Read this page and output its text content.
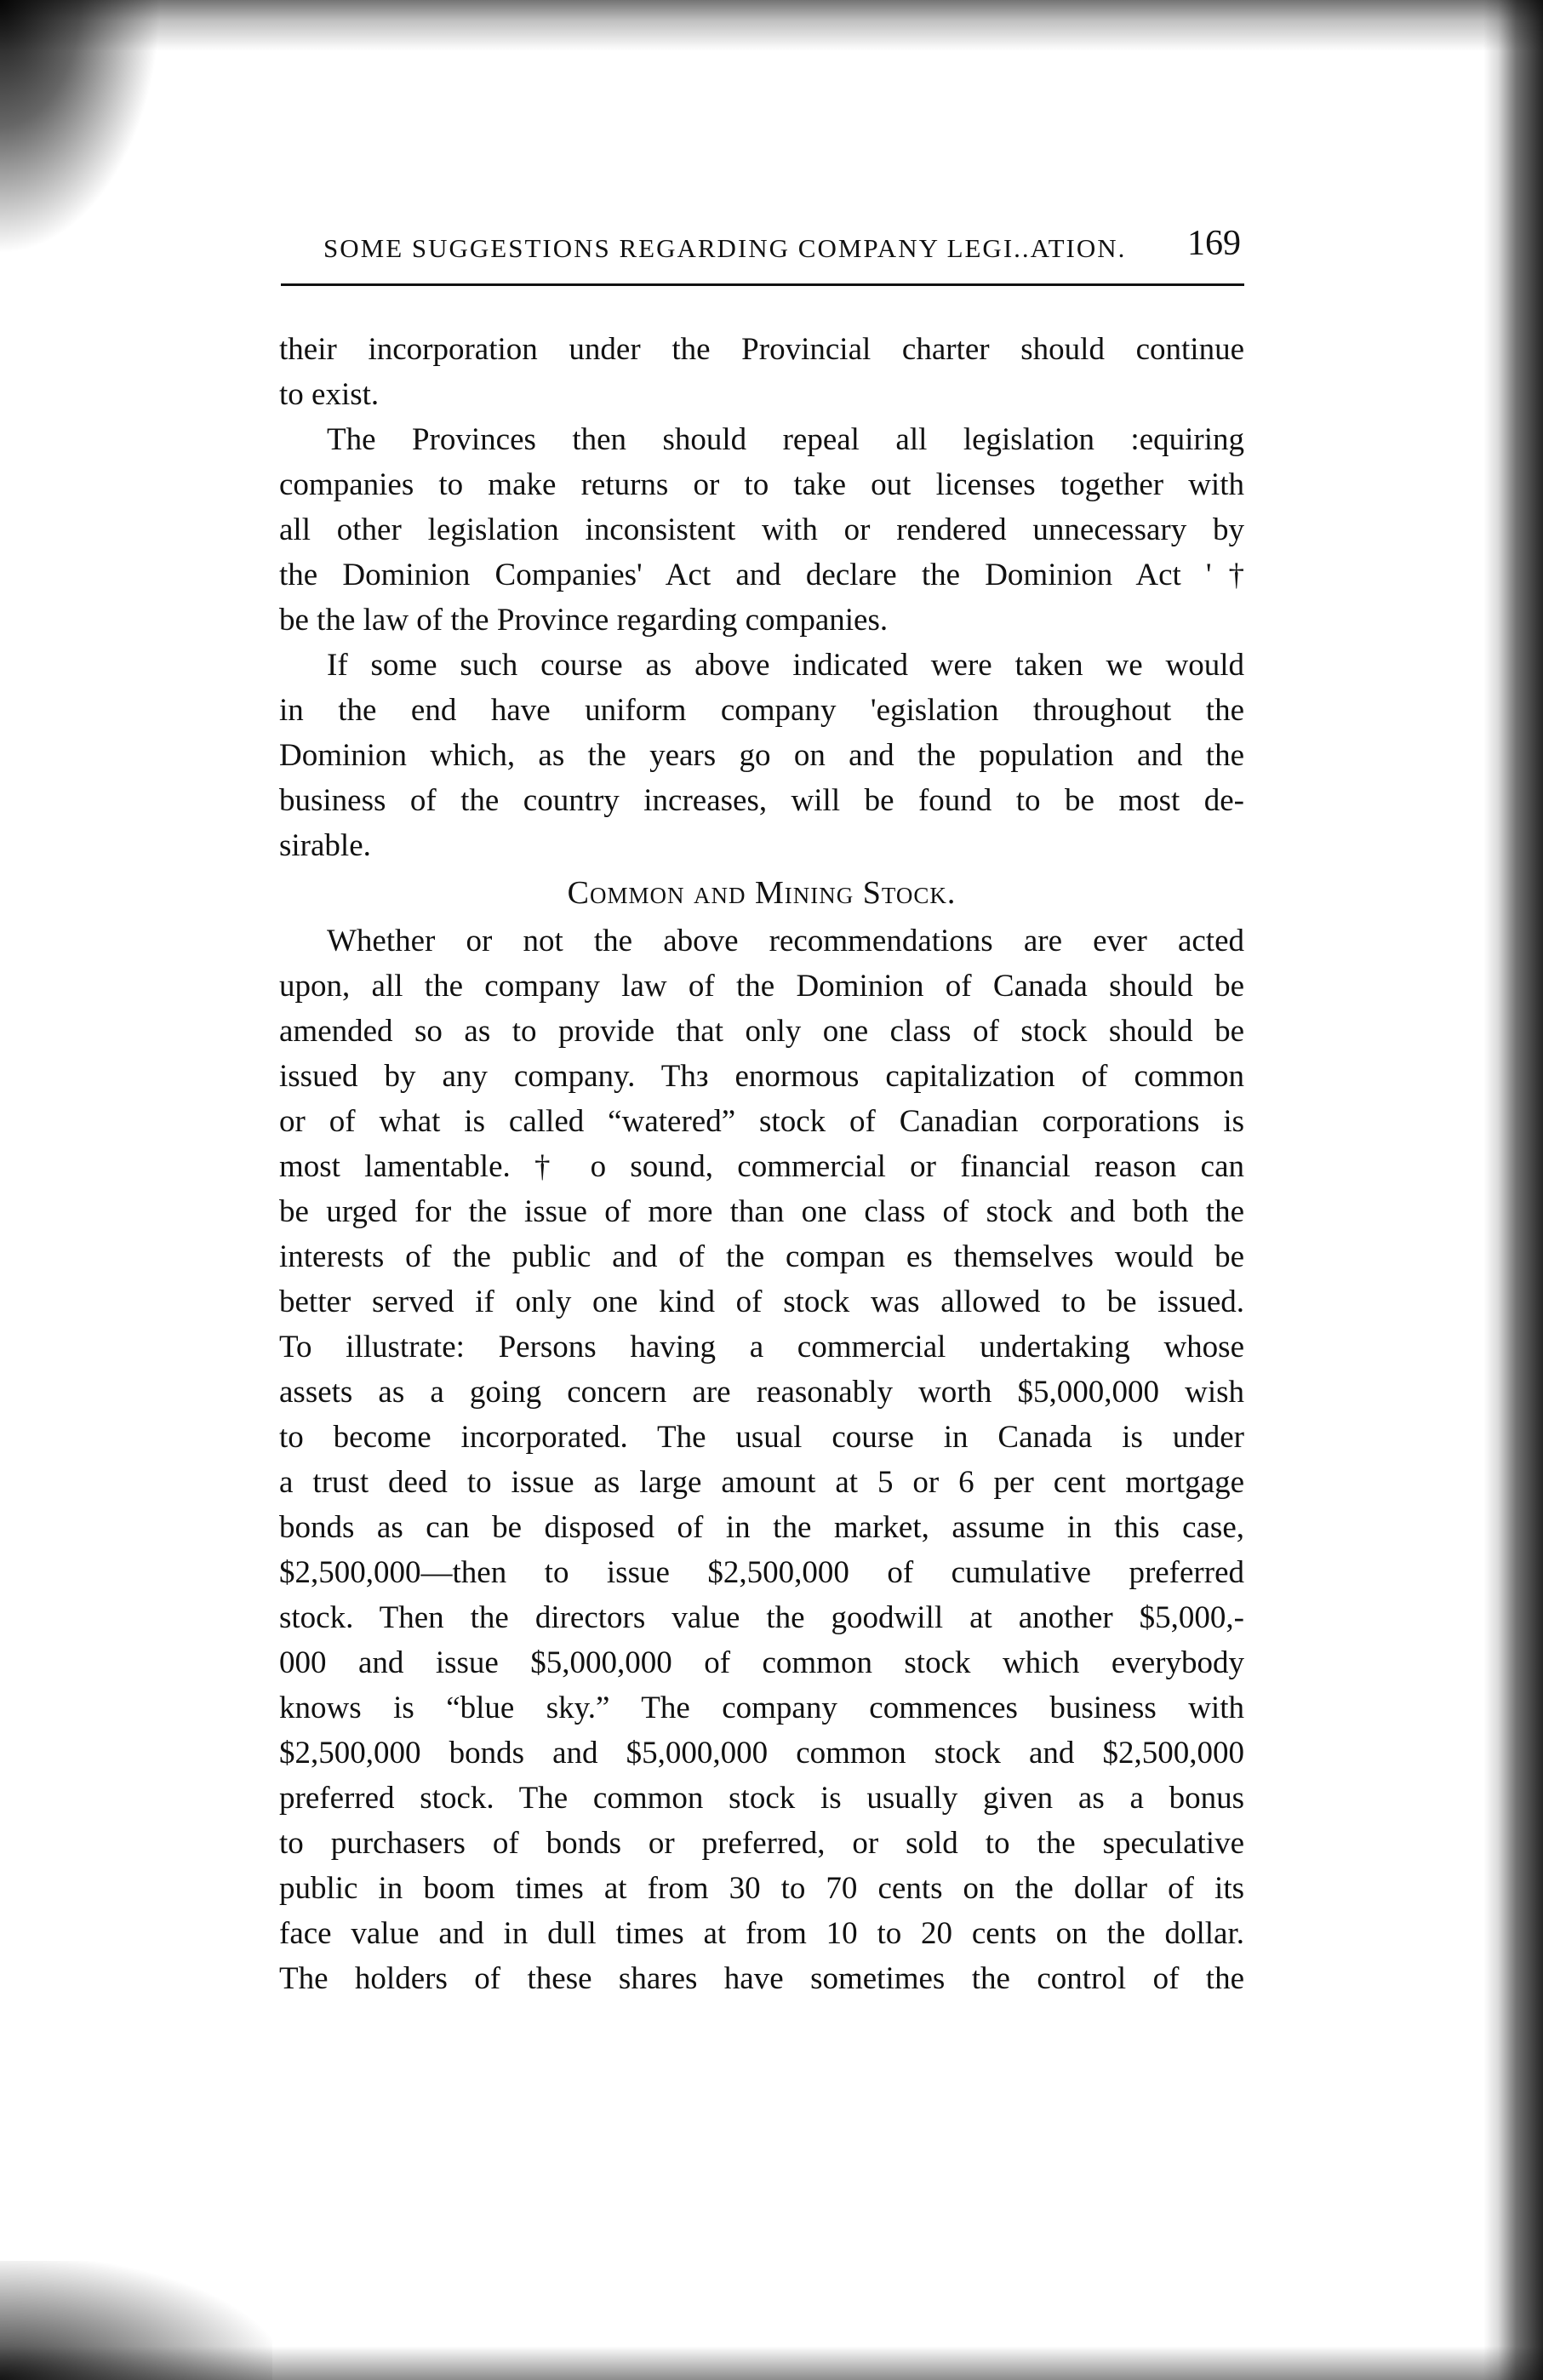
SOME SUGGESTIONS REGARDING COMPANY LEGI..ATION. 169

their incorporation under the Provincial charter should continue
to exist.

The Provinces then should repeal all legislation :equiring
companies to make returns or to take out licenses together with
all other legislation inconsistent with or rendered unnecessary by
the Dominion Companies' Act and declare the Dominion Act '†
be the law of the Province regarding companies.

If some such course as above indicated were taken we would
in the end have uniform company 'egislation throughout the
Dominion which, as the years go on and the population and the
business of the country increases, will be found to be most de-
sirable.

Common and Mining Stock.

Whether or not the above recommendations are ever acted
upon, all the company law of the Dominion of Canada should be
amended so as to provide that only one class of stock should be
issued by any company. Thз enormous capitalization of common
or of what is called “watered” stock of Canadian corporations is
most lamentable. † o sound, commercial or financial reason can
be urged for the issue of more than one class of stock and both the
interests of the public and of the compan es themselves would be
better served if only one kind of stock was allowed to be issued.
To illustrate: Persons having a commercial undertaking whose
assets as a going concern are reasonably worth $5,000,000 wish
to become incorporated. The usual course in Canada is under
a trust deed to issue as large amount at 5 or 6 per cent mortgage
bonds as can be disposed of in the market, assume in this case,
$2,500,000—then to issue $2,500,000 of cumulative preferred
stock. Then the directors value the goodwill at another $5,000,-
000 and issue $5,000,000 of common stock which everybody
knows is “blue sky.” The company commences business with
$2,500,000 bonds and $5,000,000 common stock and $2,500,000
preferred stock. The common stock is usually given as a bonus
to purchasers of bonds or preferred, or sold to the speculative
public in boom times at from 30 to 70 cents on the dollar of its
face value and in dull times at from 10 to 20 cents on the dollar.
The holders of these shares have sometimes the control of the
